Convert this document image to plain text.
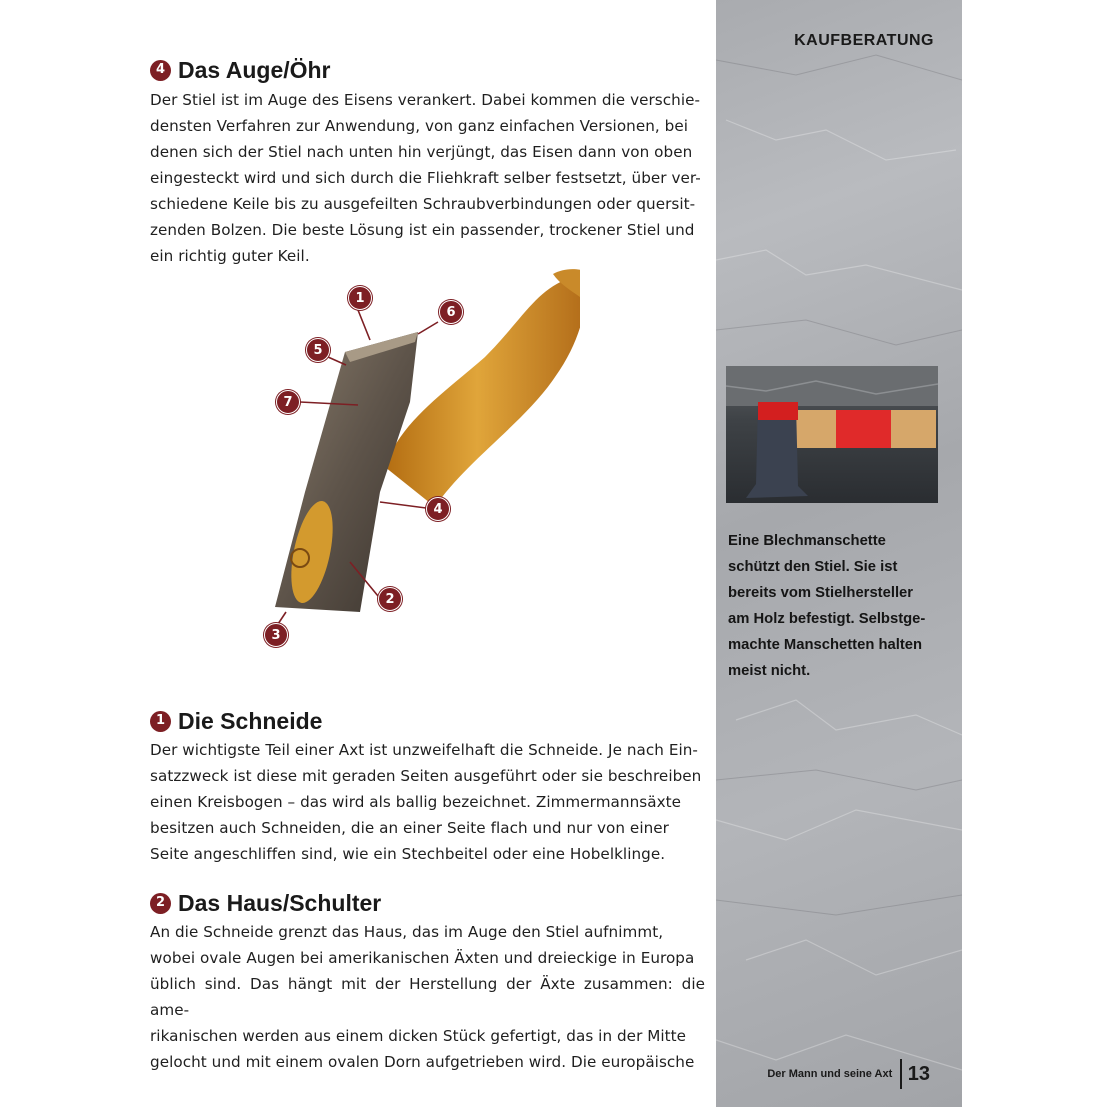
4 Das Auge/Öhr
Der Stiel ist im Auge des Eisens verankert. Dabei kommen die verschie-
densten Verfahren zur Anwendung, von ganz einfachen Versionen, bei
denen sich der Stiel nach unten hin verjüngt, das Eisen dann von oben
eingesteckt wird und sich durch die Fliehkraft selber festsetzt, über ver-
schiedene Keile bis zu ausgefeilten Schraubverbindungen oder quersit-
zenden Bolzen. Die beste Lösung ist ein passender, trockener Stiel und
ein richtig guter Keil.
1
6
5
7
4
2
3
1 Die Schneide
Der wichtigste Teil einer Axt ist unzweifelhaft die Schneide. Je nach Ein-
satzzweck ist diese mit geraden Seiten ausgeführt oder sie beschreiben
einen Kreisbogen – das wird als ballig bezeichnet. Zimmermannsäxte
besitzen auch Schneiden, die an einer Seite flach und nur von einer
Seite angeschliffen sind, wie ein Stechbeitel oder eine Hobelklinge.
2 Das Haus/Schulter
An die Schneide grenzt das Haus, das im Auge den Stiel aufnimmt,
wobei ovale Augen bei amerikanischen Äxten und dreieckige in Europa
üblich sind. Das hängt mit der Herstellung der Äxte zusammen: die ame-
rikanischen werden aus einem dicken Stück gefertigt, das in der Mitte
gelocht und mit einem ovalen Dorn aufgetrieben wird. Die europäische
KAUFBERATUNG
Eine Blechmanschette
schützt den Stiel. Sie ist
bereits vom Stielhersteller
am Holz befestigt. Selbstge-
machte Manschetten halten
meist nicht.
Der Mann und seine Axt 13
